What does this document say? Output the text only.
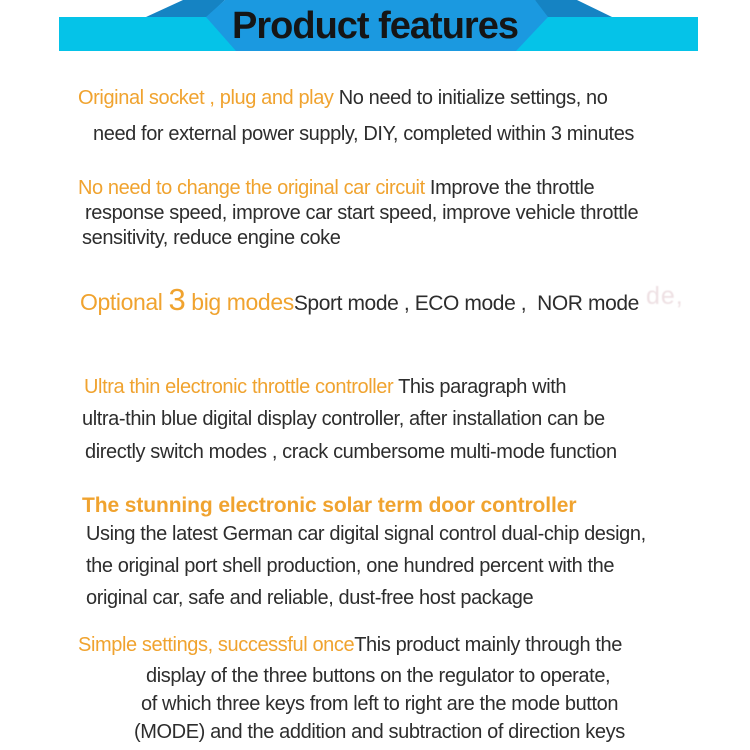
Product features
Original socket , plug and play No need to initialize settings, no
need for external power supply, DIY, completed within 3 minutes
No need to change the original car circuit Improve the throttle
response speed, improve car start speed, improve vehicle throttle
sensitivity, reduce engine coke
Optional 3 big modesSport mode , ECO mode ,  NOR mode de,
Ultra thin electronic throttle controller This paragraph with
ultra-thin blue digital display controller, after installation can be
directly switch modes , crack cumbersome multi-mode function
The stunning electronic solar term door controller
Using the latest German car digital signal control dual-chip design,
the original port shell production, one hundred percent with the
original car, safe and reliable, dust-free host package
Simple settings, successful onceThis product mainly through the
display of the three buttons on the regulator to operate,
of which three keys from left to right are the mode button
(MODE) and the addition and subtraction of direction keys
